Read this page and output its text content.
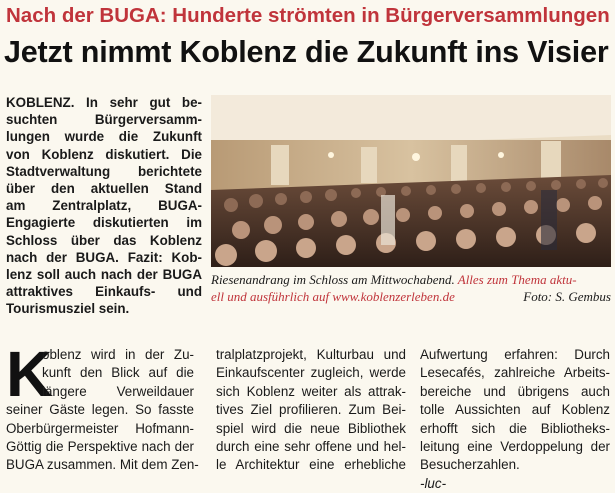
Nach der BUGA: Hunderte strömten in Bürgerversammlungen
Jetzt nimmt Koblenz die Zukunft ins Visier
KOBLENZ. In sehr gut be-
suchten Bürgerversamm-
lungen wurde die Zukunft
von Koblenz diskutiert. Die
Stadtverwaltung berichtete
über den aktuellen Stand
am Zentralplatz, BUGA-
Engagierte diskutierten im
Schloss über das Koblenz
nach der BUGA. Fazit: Kob-
lenz soll auch nach der BUGA
attraktives Einkaufs- und
Tourismusziel sein.
Riesenandrang im Schloss am Mittwochabend. Alles zum Thema aktu-
ell und ausführlich auf www.koblenzerleben.de	Foto: S. Gembus
K
oblenz wird in der Zu-
kunft den Blick auf die
längere Verweildauer
seiner Gäste legen. So fasste
Oberbürgermeister Hofmann-
Göttig die Perspektive nach der
BUGA zusammen. Mit dem Zen-
tralplatzprojekt, Kulturbau und
Einkaufscenter zugleich, werde
sich Koblenz weiter als attrak-
tives Ziel profilieren. Zum Bei-
spiel wird die neue Bibliothek
durch eine sehr offene und hel-
le Architektur eine erhebliche
Aufwertung erfahren: Durch
Lesecafés, zahlreiche Arbeits-
bereiche und übrigens auch
tolle Aussichten auf Koblenz
erhofft sich die Bibliotheks-
leitung eine Verdoppelung der
Besucherzahlen.
-luc-
